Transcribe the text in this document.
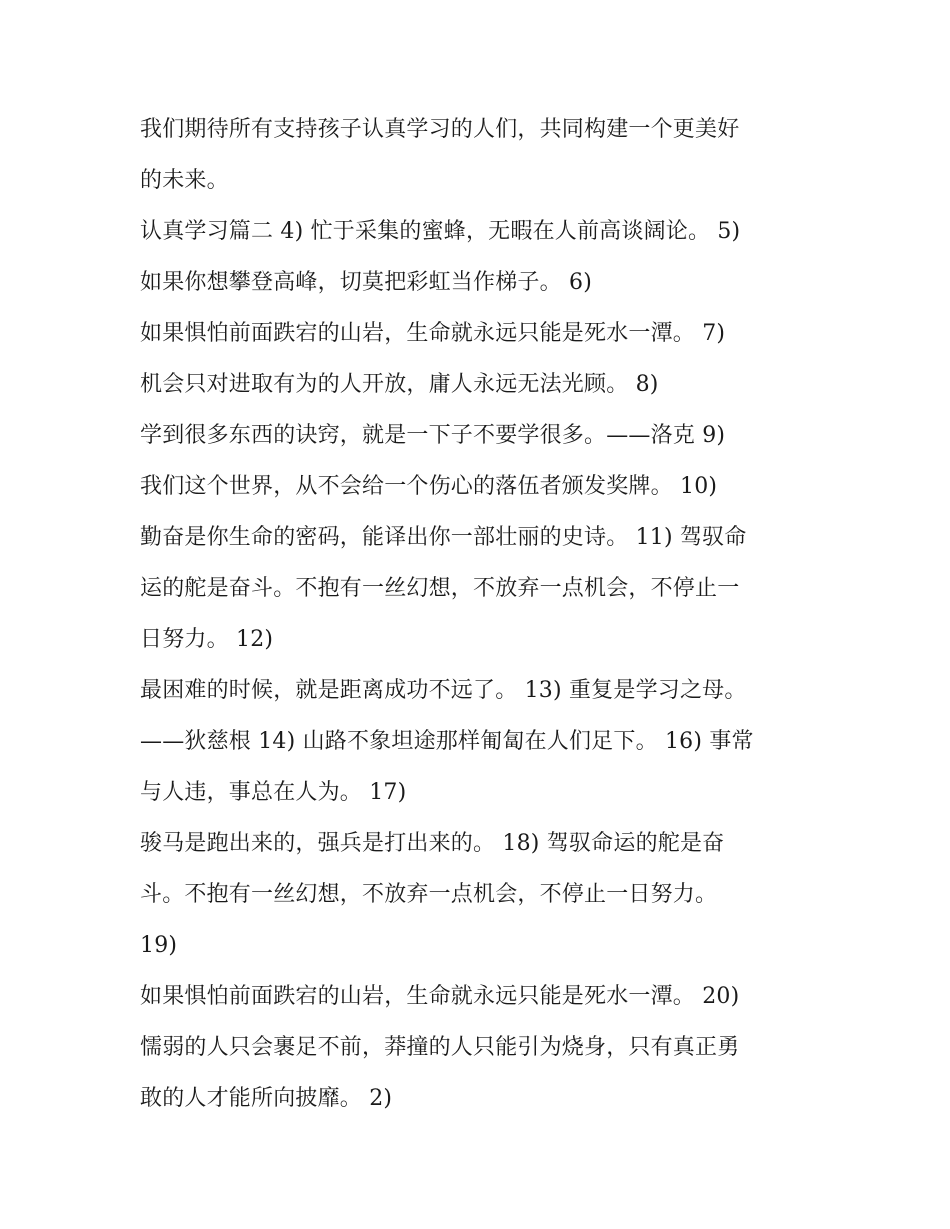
我们期待所有支持孩子认真学习的人们，共同构建一个更美好
的未来。
认真学习篇二 4) 忙于采集的蜜蜂，无暇在人前高谈阔论。 5)
如果你想攀登高峰，切莫把彩虹当作梯子。 6)
如果惧怕前面跌宕的山岩，生命就永远只能是死水一潭。 7)
机会只对进取有为的人开放，庸人永远无法光顾。 8)
学到很多东西的诀窍，就是一下子不要学很多。——洛克 9)
我们这个世界，从不会给一个伤心的落伍者颁发奖牌。 10)
勤奋是你生命的密码，能译出你一部壮丽的史诗。 11) 驾驭命
运的舵是奋斗。不抱有一丝幻想，不放弃一点机会，不停止一
日努力。 12)
最困难的时候，就是距离成功不远了。 13) 重复是学习之母。
——狄慈根 14) 山路不象坦途那样匍匐在人们足下。 16) 事常
与人违，事总在人为。 17)
骏马是跑出来的，强兵是打出来的。 18) 驾驭命运的舵是奋
斗。不抱有一丝幻想，不放弃一点机会，不停止一日努力。
19)
如果惧怕前面跌宕的山岩，生命就永远只能是死水一潭。 20)
懦弱的人只会裹足不前，莽撞的人只能引为烧身，只有真正勇
敢的人才能所向披靡。 2)
